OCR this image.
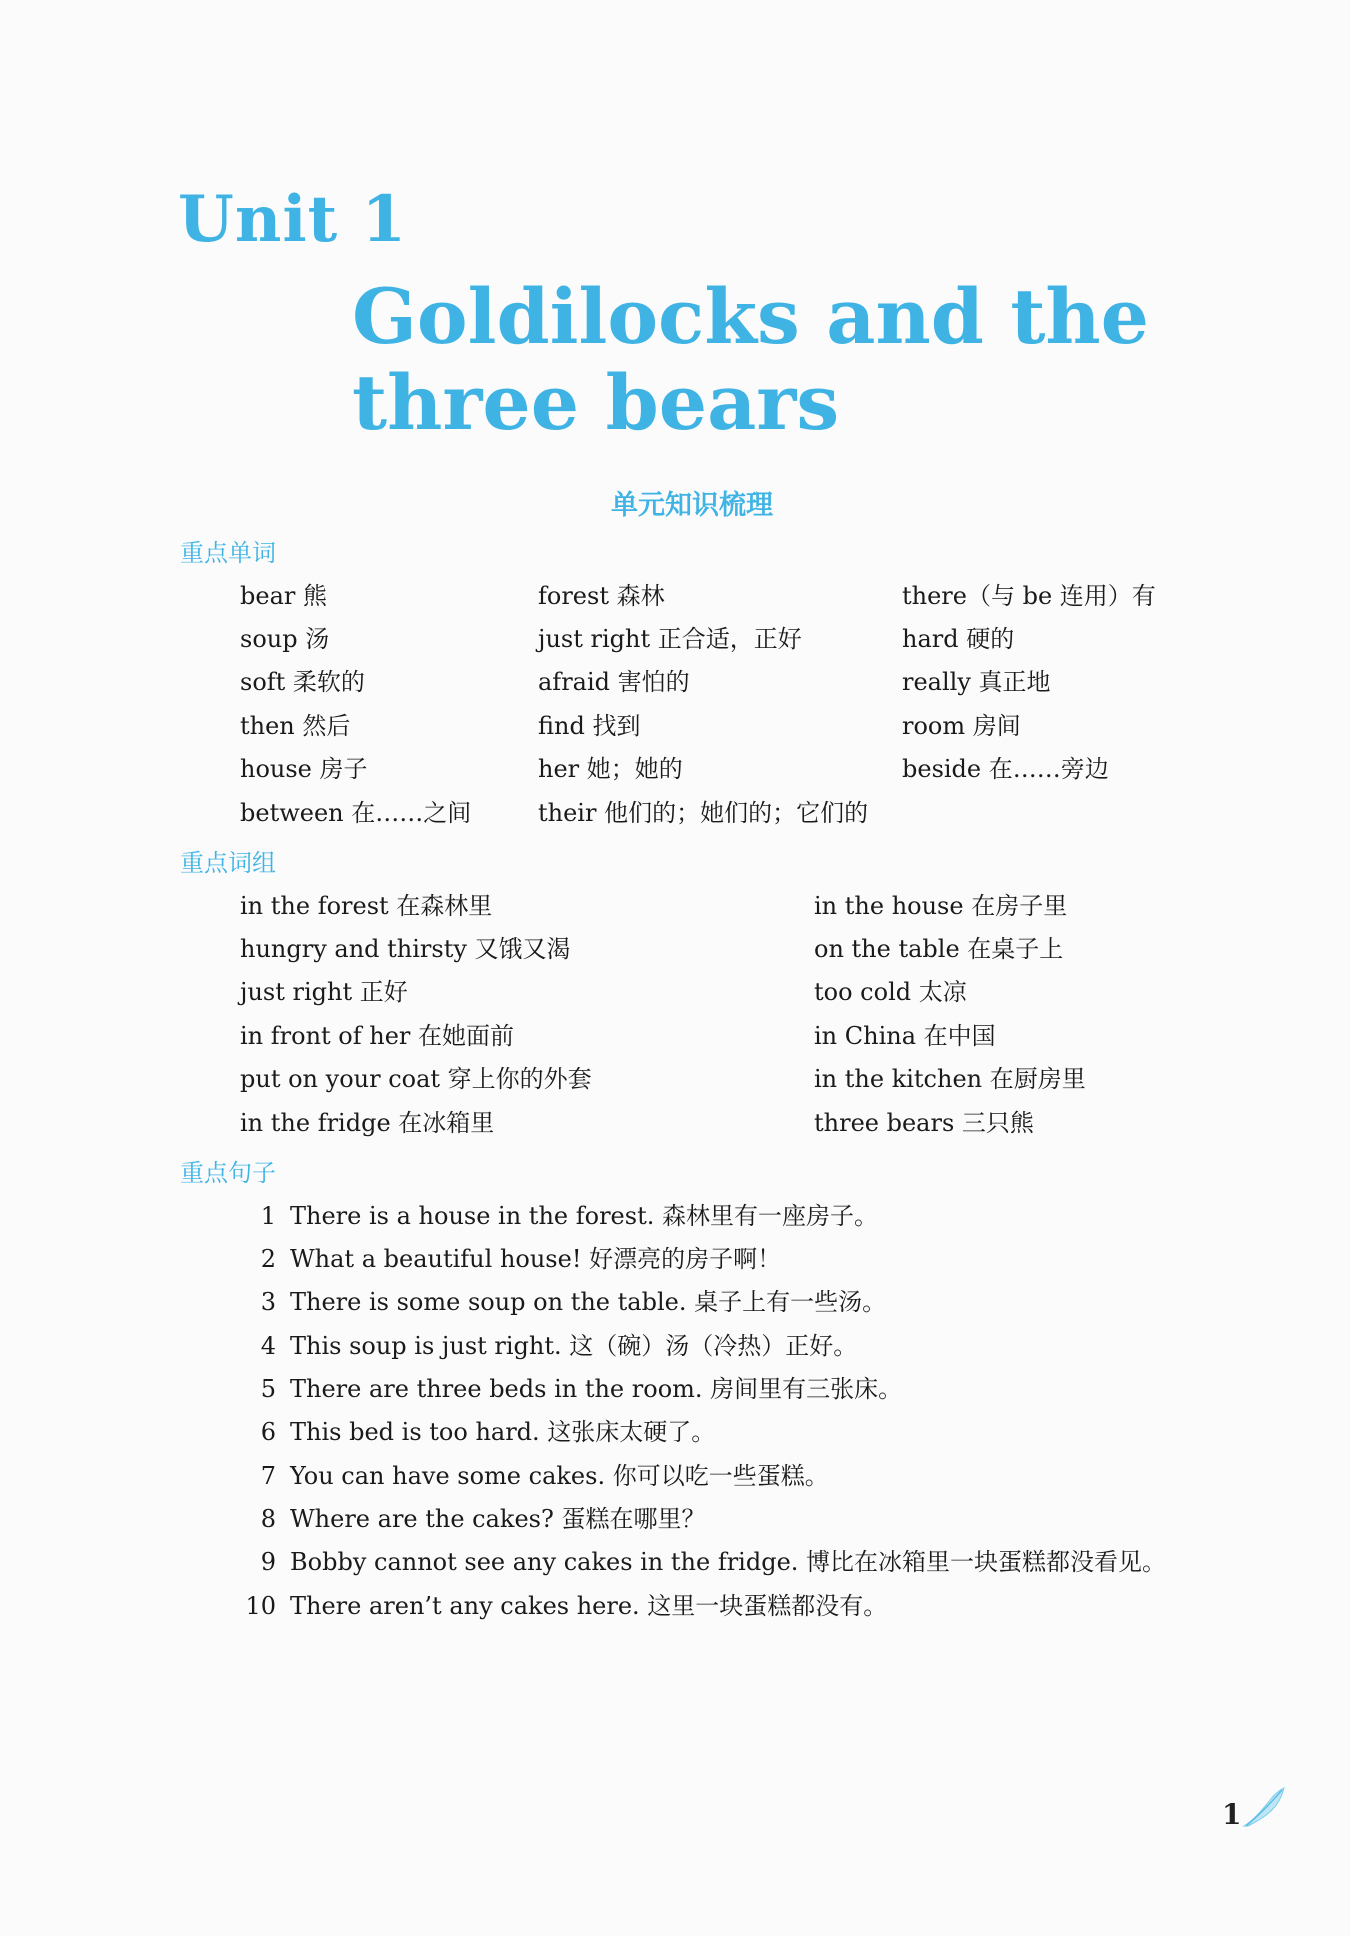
Unit 1
Goldilocks and the
three bears
单元知识梳理
重点单词
bear 熊
soup 汤
soft 柔软的
then 然后
house 房子
between 在……之间
forest 森林
just right 正合适，正好
afraid 害怕的
find 找到
her 她；她的
their 他们的；她们的；它们的
there（与 be 连用）有
hard 硬的
really 真正地
room 房间
beside 在……旁边
重点词组
in the forest 在森林里
hungry and thirsty 又饿又渴
just right 正好
in front of her 在她面前
put on your coat 穿上你的外套
in the fridge 在冰箱里
in the house 在房子里
on the table 在桌子上
too cold 太凉
in China 在中国
in the kitchen 在厨房里
three bears 三只熊
重点句子
1 There is a house in the forest. 森林里有一座房子。
2 What a beautiful house! 好漂亮的房子啊！
3 There is some soup on the table. 桌子上有一些汤。
4 This soup is just right. 这（碗）汤（冷热）正好。
5 There are three beds in the room. 房间里有三张床。
6 This bed is too hard. 这张床太硬了。
7 You can have some cakes. 你可以吃一些蛋糕。
8 Where are the cakes? 蛋糕在哪里？
9 Bobby cannot see any cakes in the fridge. 博比在冰箱里一块蛋糕都没看见。
10 There aren’t any cakes here. 这里一块蛋糕都没有。
1
